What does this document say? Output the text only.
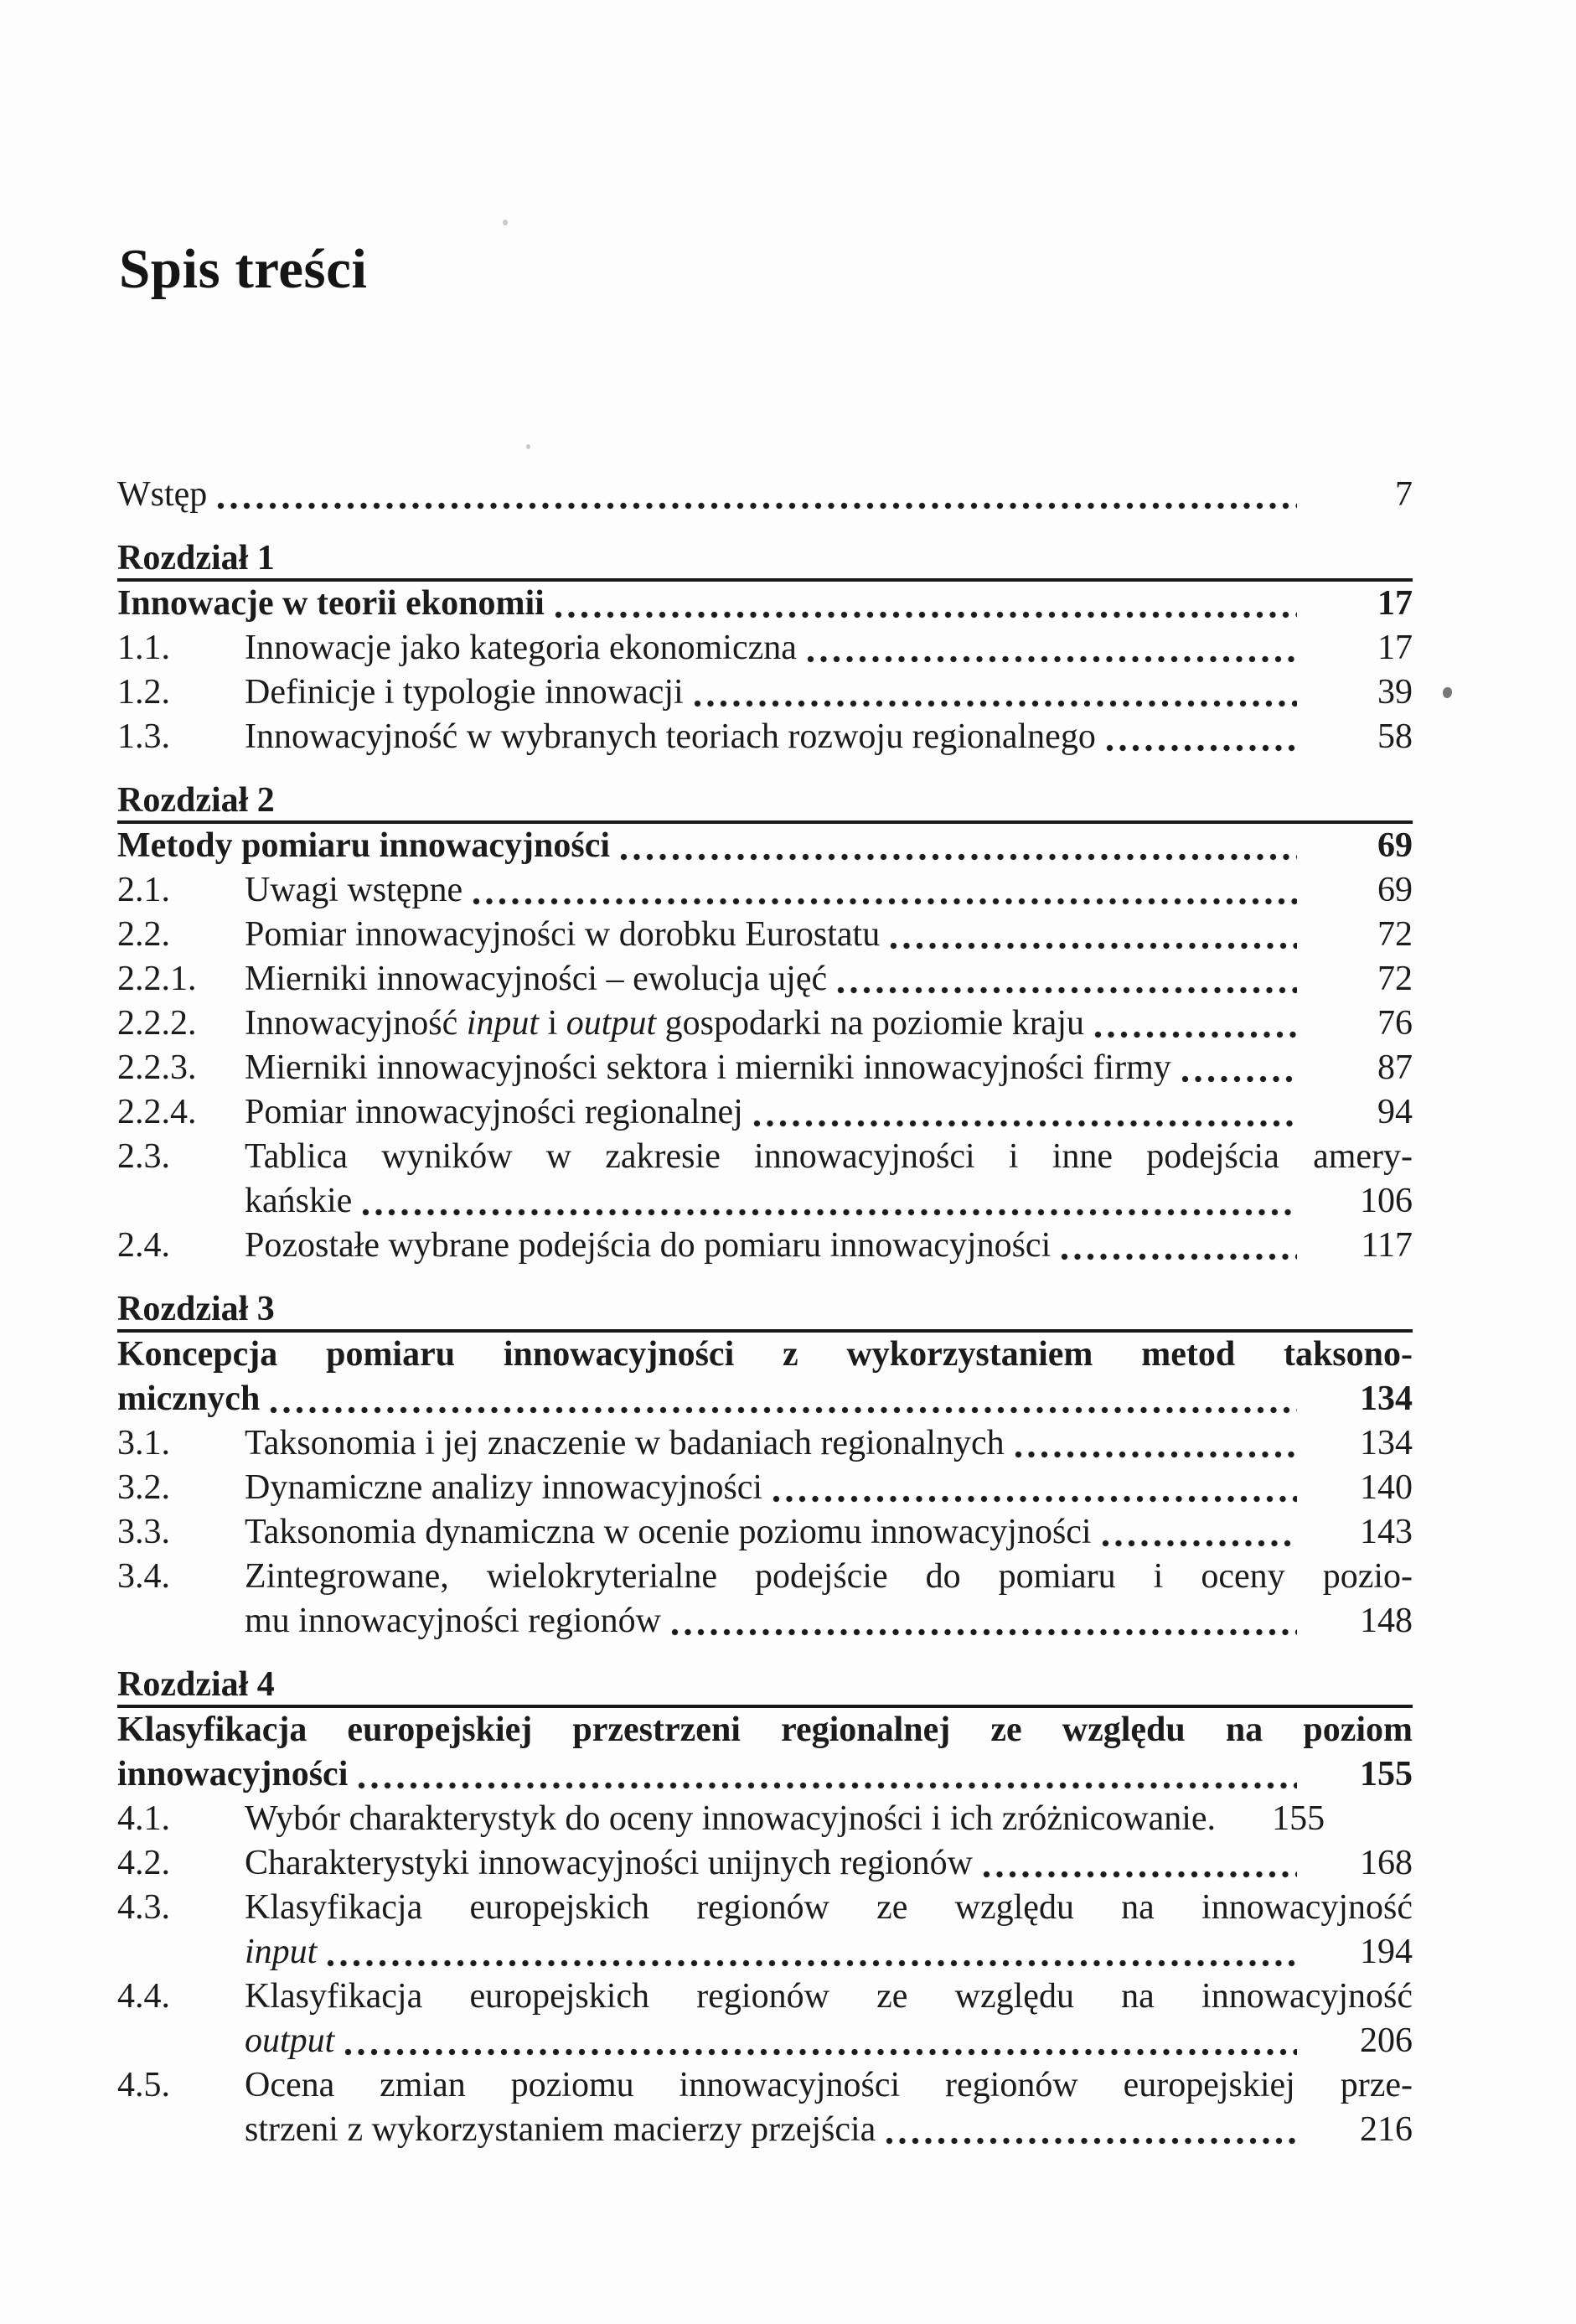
Spis treści
Wstęp	7
Rozdział 1
Innowacje w teorii ekonomii	17
1.1.	Innowacje jako kategoria ekonomiczna	17
1.2.	Definicje i typologie innowacji	39
1.3.	Innowacyjność w wybranych teoriach rozwoju regionalnego	58
Rozdział 2
Metody pomiaru innowacyjności	69
2.1.	Uwagi wstępne	69
2.2.	Pomiar innowacyjności w dorobku Eurostatu	72
2.2.1.	Mierniki innowacyjności – ewolucja ujęć	72
2.2.2.	Innowacyjność input i output gospodarki na poziomie kraju	76
2.2.3.	Mierniki innowacyjności sektora i mierniki innowacyjności firmy	87
2.2.4.	Pomiar innowacyjności regionalnej	94
2.3.	Tablica wyników w zakresie innowacyjności i inne podejścia amery-
kańskie	106
2.4.	Pozostałe wybrane podejścia do pomiaru innowacyjności	117
Rozdział 3
Koncepcja pomiaru innowacyjności z wykorzystaniem metod taksono-
micznych	134
3.1.	Taksonomia i jej znaczenie w badaniach regionalnych	134
3.2.	Dynamiczne analizy innowacyjności	140
3.3.	Taksonomia dynamiczna w ocenie poziomu innowacyjności	143
3.4.	Zintegrowane, wielokryterialne podejście do pomiaru i oceny pozio-
mu innowacyjności regionów	148
Rozdział 4
Klasyfikacja europejskiej przestrzeni regionalnej ze względu na poziom
innowacyjności	155
4.1.	Wybór charakterystyk do oceny innowacyjności i ich zróżnicowanie.	155
4.2.	Charakterystyki innowacyjności unijnych regionów	168
4.3.	Klasyfikacja europejskich regionów ze względu na innowacyjność
input	194
4.4.	Klasyfikacja europejskich regionów ze względu na innowacyjność
output	206
4.5.	Ocena zmian poziomu innowacyjności regionów europejskiej prze-
strzeni z wykorzystaniem macierzy przejścia	216
